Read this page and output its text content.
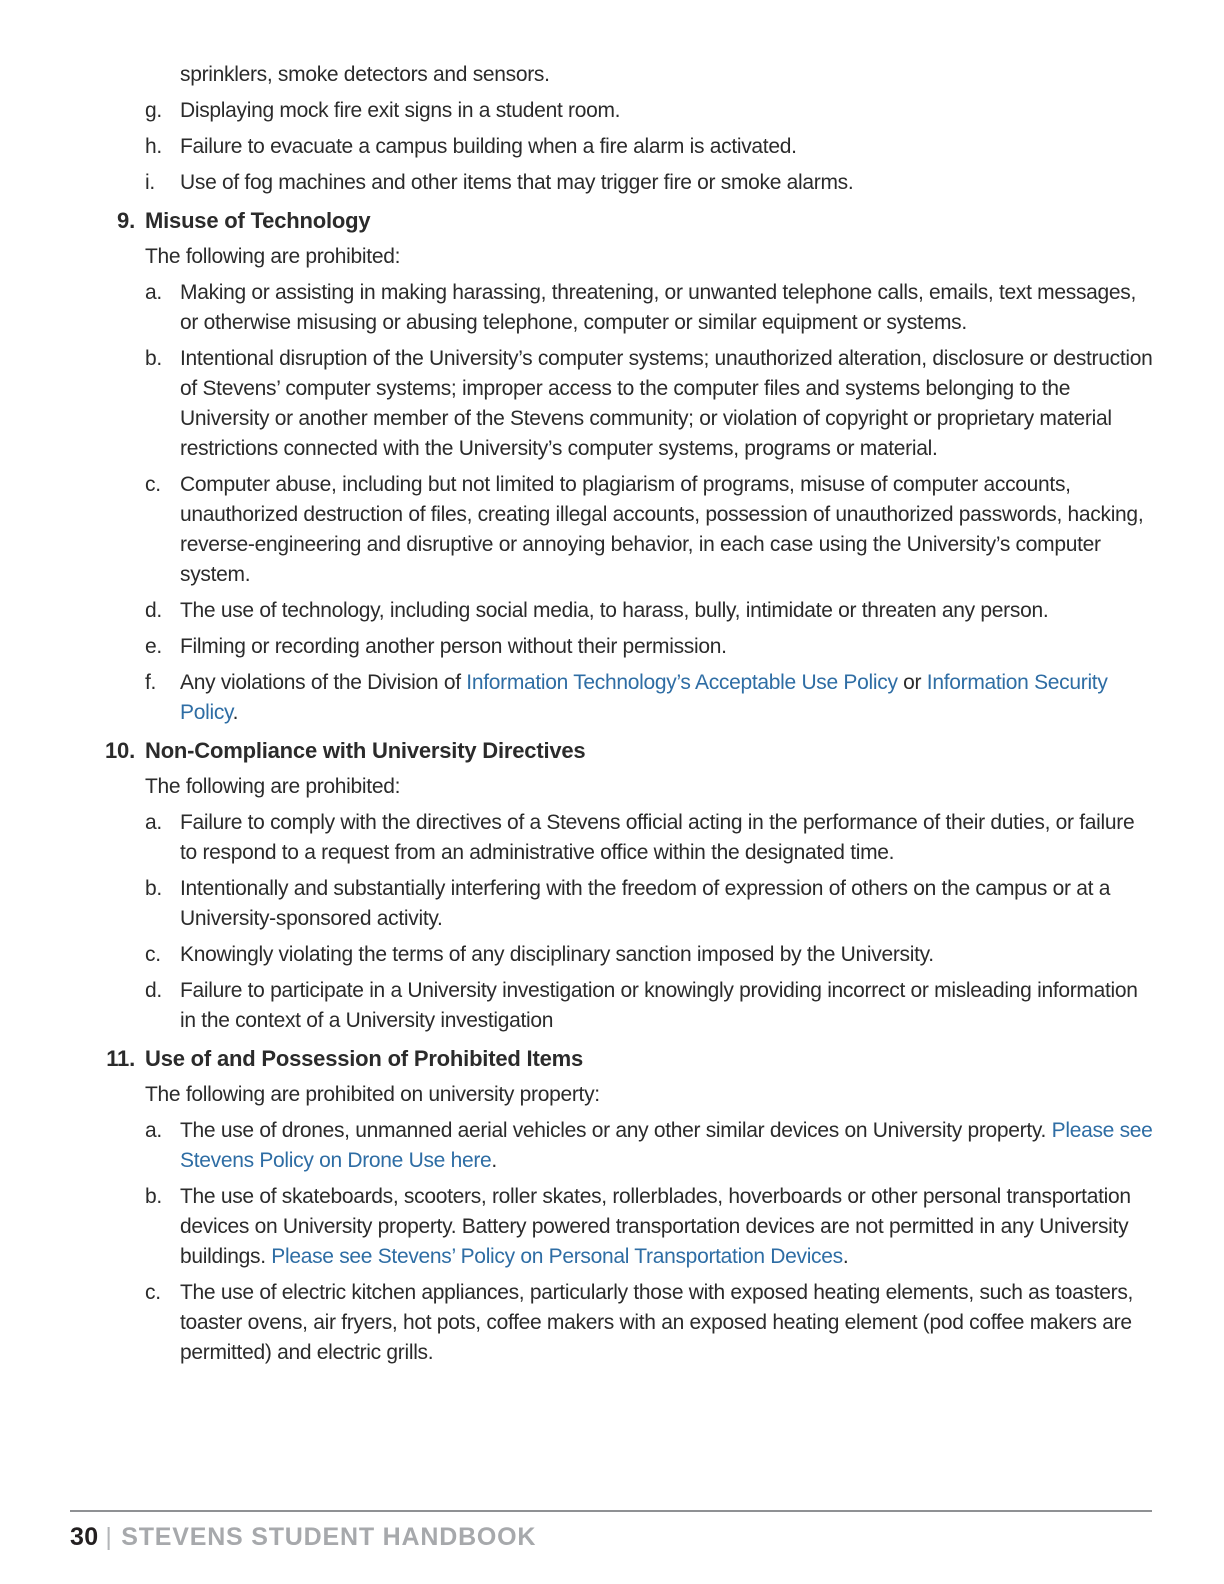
sprinklers, smoke detectors and sensors.
g. Displaying mock fire exit signs in a student room.
h. Failure to evacuate a campus building when a fire alarm is activated.
i.	Use of fog machines and other items that may trigger fire or smoke alarms.
9. Misuse of Technology
The following are prohibited:
a. Making or assisting in making harassing, threatening, or unwanted telephone calls, emails, text messages, or otherwise misusing or abusing telephone, computer or similar equipment or systems.
b. Intentional disruption of the University’s computer systems; unauthorized alteration, disclosure or destruction of Stevens’ computer systems; improper access to the computer files and systems belonging to the University or another member of the Stevens community; or violation of copyright or proprietary material restrictions connected with the University’s computer systems, programs or material.
c. Computer abuse, including but not limited to plagiarism of programs, misuse of computer accounts, unauthorized destruction of files, creating illegal accounts, possession of unauthorized passwords, hacking, reverse-engineering and disruptive or annoying behavior, in each case using the University’s computer system.
d. The use of technology, including social media, to harass, bully, intimidate or threaten any person.
e. Filming or recording another person without their permission.
f.	Any violations of the Division of Information Technology’s Acceptable Use Policy or Information Security Policy.
10. Non-Compliance with University Directives
The following are prohibited:
a. Failure to comply with the directives of a Stevens official acting in the performance of their duties, or failure to respond to a request from an administrative office within the designated time.
b. Intentionally and substantially interfering with the freedom of expression of others on the campus or at a University-sponsored activity.
c. Knowingly violating the terms of any disciplinary sanction imposed by the University.
d. Failure to participate in a University investigation or knowingly providing incorrect or misleading information in the context of a University investigation
11. Use of and Possession of Prohibited Items
The following are prohibited on university property:
a. The use of drones, unmanned aerial vehicles or any other similar devices on University property. Please see Stevens Policy on Drone Use here.
b. The use of skateboards, scooters, roller skates, rollerblades, hoverboards or other personal transportation devices on University property. Battery powered transportation devices are not permitted in any University buildings. Please see Stevens’ Policy on Personal Transportation Devices.
c. The use of electric kitchen appliances, particularly those with exposed heating elements, such as toasters, toaster ovens, air fryers, hot pots, coffee makers with an exposed heating element (pod coffee makers are permitted) and electric grills.
30 | STEVENS STUDENT HANDBOOK
